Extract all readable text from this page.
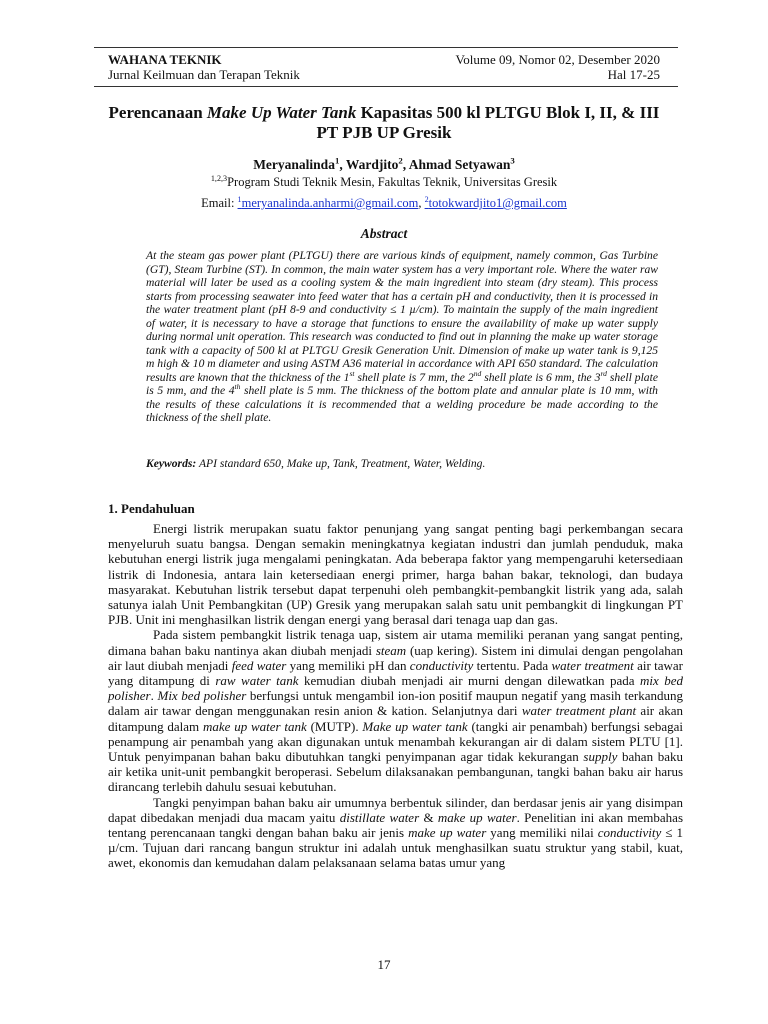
WAHANA TEKNIK
Jurnal Keilmuan dan Terapan Teknik
Volume 09, Nomor 02, Desember 2020
Hal 17-25
Perencanaan Make Up Water Tank Kapasitas 500 kl PLTGU Blok I, II, & III PT PJB UP Gresik
Meryanalinda$^1$, Wardjito$^2$, Ahmad Setyawan$^3$
$^{1,2,3}$Program Studi Teknik Mesin, Fakultas Teknik, Universitas Gresik
Email: $^1$meryanalinda.anharmi@gmail.com, $^2$totokwardjito1@gmail.com
Abstract
At the steam gas power plant (PLTGU) there are various kinds of equipment, namely common, Gas Turbine (GT), Steam Turbine (ST). In common, the main water system has a very important role. Where the water raw material will later be used as a cooling system & the main ingredient into steam (dry steam). This process starts from processing seawater into feed water that has a certain pH and conductivity, then it is processed in the water treatment plant (pH 8-9 and conductivity ≤ 1 µ/cm). To maintain the supply of the main ingredient of water, it is necessary to have a storage that functions to ensure the availability of make up water supply during normal unit operation. This research was conducted to find out in planning the make up water storage tank with a capacity of 500 kl at PLTGU Gresik Generation Unit. Dimension of make up water tank is 9,125 m high & 10 m diameter and using ASTM A36 material in accordance with API 650 standard. The calculation results are known that the thickness of the 1st shell plate is 7 mm, the 2nd shell plate is 6 mm, the 3rd shell plate is 5 mm, and the 4th shell plate is 5 mm. The thickness of the bottom plate and annular plate is 10 mm, with the results of these calculations it is recommended that a welding procedure be made according to the thickness of the shell plate.
Keywords: API standard 650, Make up, Tank, Treatment, Water, Welding.
1. Pendahuluan

Energi listrik merupakan suatu faktor penunjang yang sangat penting bagi perkembangan secara menyeluruh suatu bangsa. Dengan semakin meningkatnya kegiatan industri dan jumlah penduduk, maka kebutuhan energi listrik juga mengalami peningkatan. Ada beberapa faktor yang mempengaruhi ketersediaan listrik di Indonesia, antara lain ketersediaan energi primer, harga bahan bakar, teknologi, dan budaya masyarakat. Kebutuhan listrik tersebut dapat terpenuhi oleh pembangkit-pembangkit listrik yang ada, salah satunya ialah Unit Pembangkitan (UP) Gresik yang merupakan salah satu unit pembangkit di lingkungan PT PJB. Unit ini menghasilkan listrik dengan energi yang berasal dari tenaga uap dan gas.

Pada sistem pembangkit listrik tenaga uap, sistem air utama memiliki peranan yang sangat penting, dimana bahan baku nantinya akan diubah menjadi steam (uap kering). Sistem ini dimulai dengan pengolahan air laut diubah menjadi feed water yang memiliki pH dan conductivity tertentu. Pada water treatment air tawar yang ditampung di raw water tank kemudian diubah menjadi air murni dengan dilewatkan pada mix bed polisher. Mix bed polisher berfungsi untuk mengambil ion-ion positif maupun negatif yang masih terkandung dalam air tawar dengan menggunakan resin anion & kation. Selanjutnya dari water treatment plant air akan ditampung dalam make up water tank (MUTP). Make up water tank (tangki air penambah) berfungsi sebagai penampung air penambah yang akan digunakan untuk menambah kekurangan air di dalam sistem PLTU [1]. Untuk penyimpanan bahan baku dibutuhkan tangki penyimpanan agar tidak kekurangan supply bahan baku air ketika unit-unit pembangkit beroperasi. Sebelum dilaksanakan pembangunan, tangki bahan baku air harus dirancang terlebih dahulu sesuai kebutuhan.

Tangki penyimpan bahan baku air umumnya berbentuk silinder, dan berdasar jenis air yang disimpan dapat dibedakan menjadi dua macam yaitu distillate water & make up water. Penelitian ini akan membahas tentang perencanaan tangki dengan bahan baku air jenis make up water yang memiliki nilai conductivity ≤ 1 µ/cm. Tujuan dari rancang bangun struktur ini adalah untuk menghasilkan suatu struktur yang stabil, kuat, awet, ekonomis dan kemudahan dalam pelaksanaan selama batas umur yang

17
